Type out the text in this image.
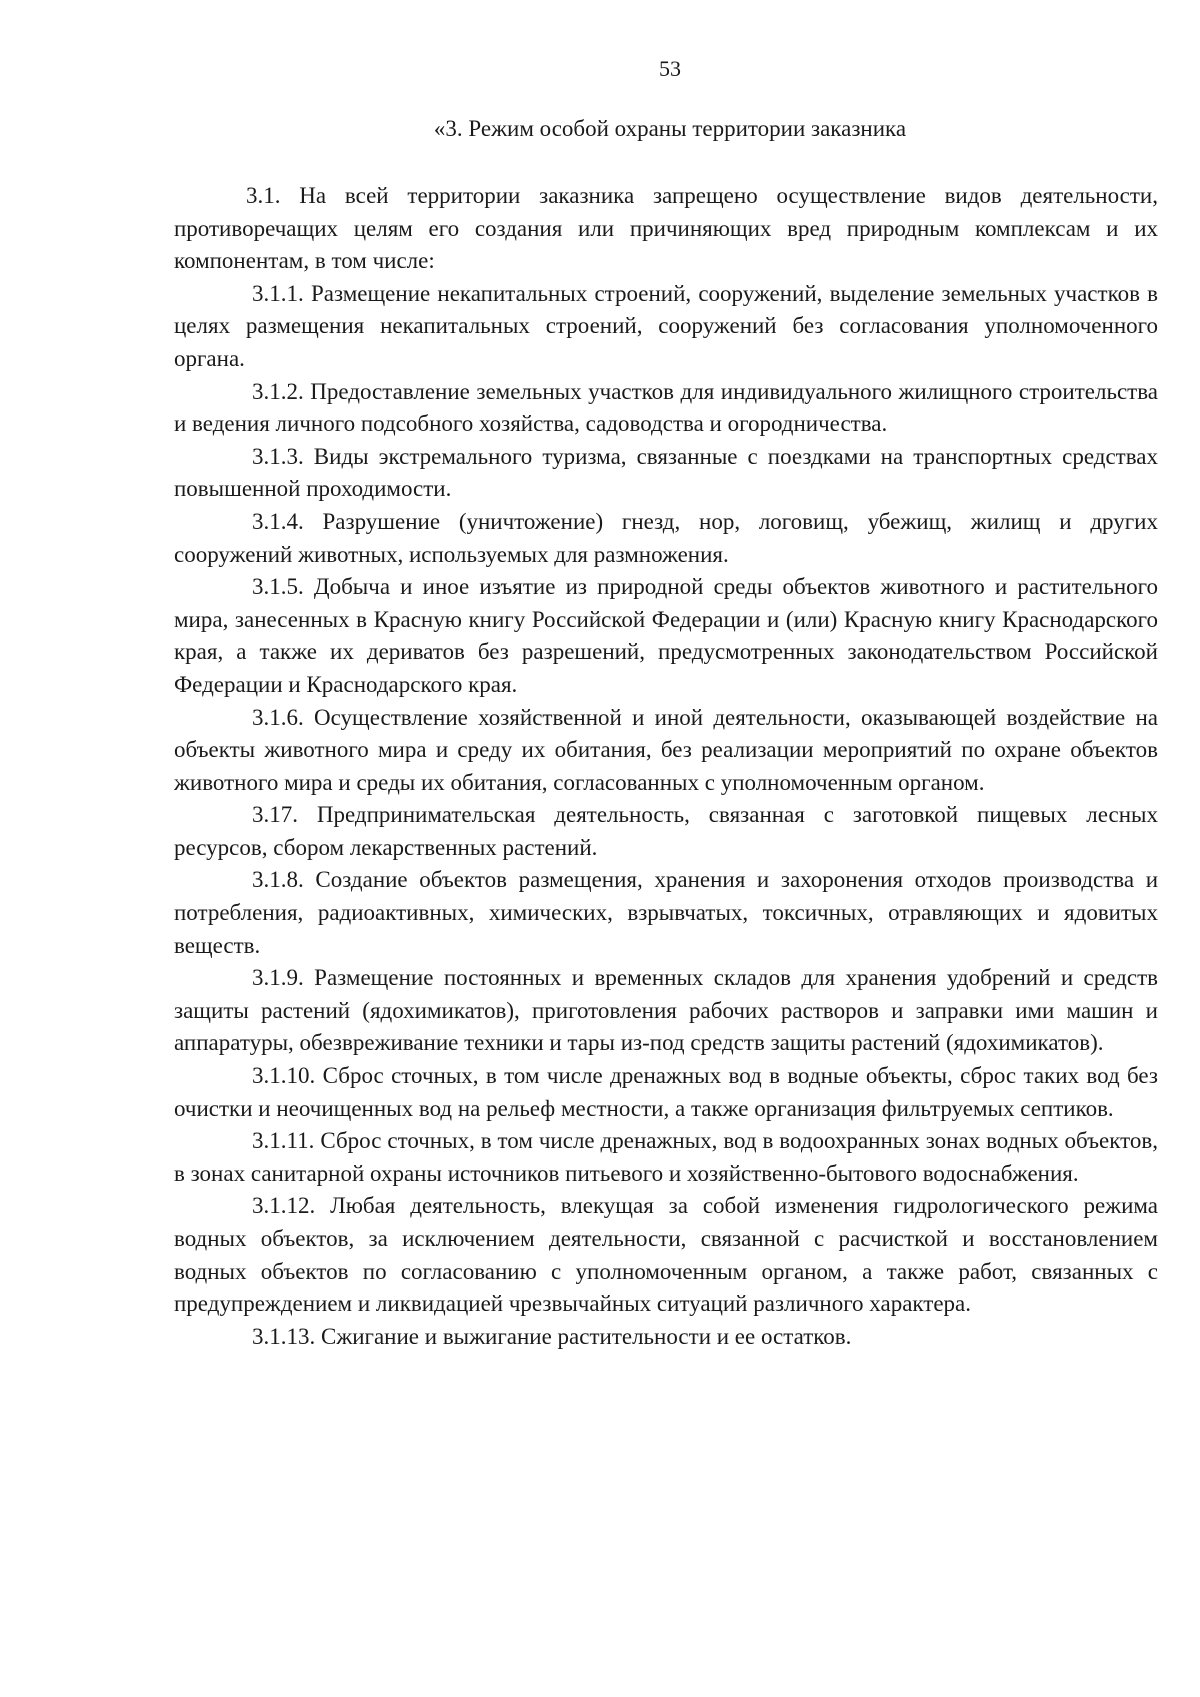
53
«3. Режим особой охраны территории заказника

3.1. На всей территории заказника запрещено осуществление видов деятельности, противоречащих целям его создания или причиняющих вред природным комплексам и их компонентам, в том числе:

3.1.1. Размещение некапитальных строений, сооружений, выделение земельных участков в целях размещения некапитальных строений, сооружений без согласования уполномоченного органа.

3.1.2. Предоставление земельных участков для индивидуального жилищного строительства и ведения личного подсобного хозяйства, садоводства и огородничества.

3.1.3. Виды экстремального туризма, связанные с поездками на транспортных средствах повышенной проходимости.

3.1.4. Разрушение (уничтожение) гнезд, нор, логовищ, убежищ, жилищ и других сооружений животных, используемых для размножения.

3.1.5. Добыча и иное изъятие из природной среды объектов животного и растительного мира, занесенных в Красную книгу Российской Федерации и (или) Красную книгу Краснодарского края, а также их дериватов без разрешений, предусмотренных законодательством Российской Федерации и Краснодарского края.

3.1.6. Осуществление хозяйственной и иной деятельности, оказывающей воздействие на объекты животного мира и среду их обитания, без реализации мероприятий по охране объектов животного мира и среды их обитания, согласованных с уполномоченным органом.

3.17. Предпринимательская деятельность, связанная с заготовкой пищевых лесных ресурсов, сбором лекарственных растений.

3.1.8. Создание объектов размещения, хранения и захоронения отходов производства и потребления, радиоактивных, химических, взрывчатых, токсичных, отравляющих и ядовитых веществ.

3.1.9. Размещение постоянных и временных складов для хранения удобрений и средств защиты растений (ядохимикатов), приготовления рабочих растворов и заправки ими машин и аппаратуры, обезвреживание техники и тары из-под средств защиты растений (ядохимикатов).

3.1.10. Сброс сточных, в том числе дренажных вод в водные объекты, сброс таких вод без очистки и неочищенных вод на рельеф местности, а также организация фильтруемых септиков.

3.1.11. Сброс сточных, в том числе дренажных, вод в водоохранных зонах водных объектов, в зонах санитарной охраны источников питьевого и хозяйственно-бытового водоснабжения.

3.1.12. Любая деятельность, влекущая за собой изменения гидрологического режима водных объектов, за исключением деятельности, связанной с расчисткой и восстановлением водных объектов по согласованию с уполномоченным органом, а также работ, связанных с предупреждением и ликвидацией чрезвычайных ситуаций различного характера.

3.1.13. Сжигание и выжигание растительности и ее остатков.
